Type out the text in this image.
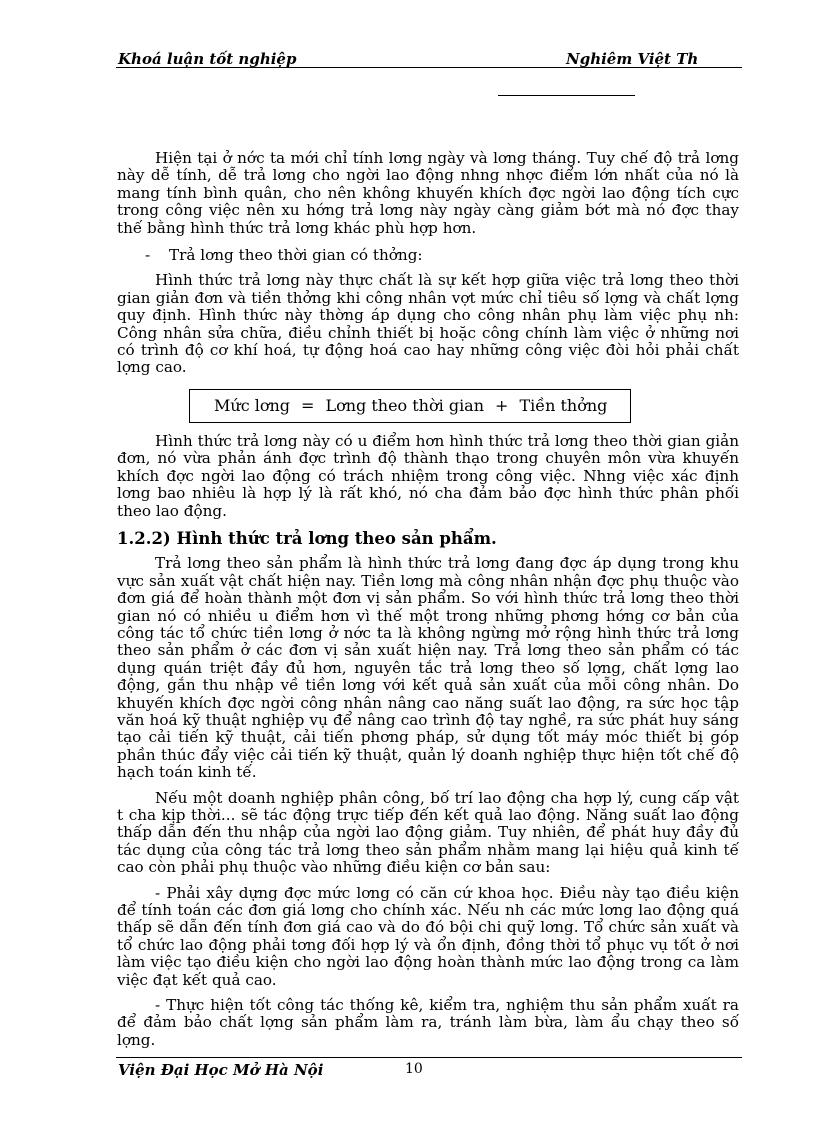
Khoá luận tốt nghiệp	Nghiêm Việt Th

Hiện tại ở nớc ta mới chỉ tính lơng ngày và lơng tháng. Tuy chế độ trả lơng này dễ tính, dễ trả lơng cho ngời lao động nhng nhợc điểm lớn nhất của nó là mang tính bình quân, cho nên không khuyến khích đợc ngời lao động tích cực trong công việc nên xu hớng trả lơng này ngày càng giảm bớt mà nó đợc thay thế bằng hình thức trả lơng khác phù hợp hơn.

- Trả lơng theo thời gian có thởng:

Hình thức trả lơng này thực chất là sự kết hợp giữa việc trả lơng theo thời gian giản đơn và tiền thởng khi công nhân vợt mức chỉ tiêu số lợng và chất lợng quy định. Hình thức này thờng áp dụng cho công nhân phụ làm việc phụ nh: Công nhân sửa chữa, điều chỉnh thiết bị hoặc công chính làm việc ở những nơi có trình độ cơ khí hoá, tự động hoá cao hay những công việc đòi hỏi phải chất lợng cao.

Mức lơng = Lơng theo thời gian + Tiền thởng

Hình thức trả lơng này có u điểm hơn hình thức trả lơng theo thời gian giản đơn, nó vừa phản ánh đợc trình độ thành thạo trong chuyên môn vừa khuyến khích đợc ngời lao động có trách nhiệm trong công việc. Nhng việc xác định lơng bao nhiêu là hợp lý là rất khó, nó cha đảm bảo đợc hình thức phân phối theo lao động.

1.2.2) Hình thức trả lơng theo sản phẩm.

Trả lơng theo sản phẩm là hình thức trả lơng đang đợc áp dụng trong khu vực sản xuất vật chất hiện nay. Tiền lơng mà công nhân nhận đợc phụ thuộc vào đơn giá để hoàn thành một đơn vị sản phẩm. So với hình thức trả lơng theo thời gian nó có nhiều u điểm hơn vì thế một trong những phơng hớng cơ bản của công tác tổ chức tiền lơng ở nớc ta là không ngừng mở rộng hình thức trả lơng theo sản phẩm ở các đơn vị sản xuất hiện nay. Trả lơng theo sản phẩm có tác dụng quán triệt đầy đủ hơn, nguyên tắc trả lơng theo số lợng, chất lợng lao động, gắn thu nhập về tiền lơng với kết quả sản xuất của mỗi công nhân. Do khuyến khích đợc ngời công nhân nâng cao năng suất lao động, ra sức học tập văn hoá kỹ thuật nghiệp vụ để nâng cao trình độ tay nghề, ra sức phát huy sáng tạo cải tiến kỹ thuật, cải tiến phơng pháp, sử dụng tốt máy móc thiết bị góp phần thúc đẩy việc cải tiến kỹ thuật, quản lý doanh nghiệp thực hiện tốt chế độ hạch toán kinh tế.

Nếu một doanh nghiệp phân công, bố trí lao động cha hợp lý, cung cấp vật t cha kịp thời... sẽ tác động trực tiếp đến kết quả lao động. Năng suất lao động thấp dẫn đến thu nhập của ngời lao động giảm. Tuy nhiên, để phát huy đầy đủ tác dụng của công tác trả lơng theo sản phẩm nhằm mang lại hiệu quả kinh tế cao còn phải phụ thuộc vào những điều kiện cơ bản sau:

- Phải xây dựng đợc mức lơng có căn cứ khoa học. Điều này tạo điều kiện để tính toán các đơn giá lơng cho chính xác. Nếu nh các mức lơng lao động quá thấp sẽ dẫn đến tính đơn giá cao và do đó bội chi quỹ lơng. Tổ chức sản xuất và tổ chức lao động phải tơng đối hợp lý và ổn định, đồng thời tổ phục vụ tốt ở nơi làm việc tạo điều kiện cho ngời lao động hoàn thành mức lao động trong ca làm việc đạt kết quả cao.

- Thực hiện tốt công tác thống kê, kiểm tra, nghiệm thu sản phẩm xuất ra để đảm bảo chất lợng sản phẩm làm ra, tránh làm bừa, làm ẩu chạy theo số lợng.

Viện Đại Học Mở Hà Nội	10
